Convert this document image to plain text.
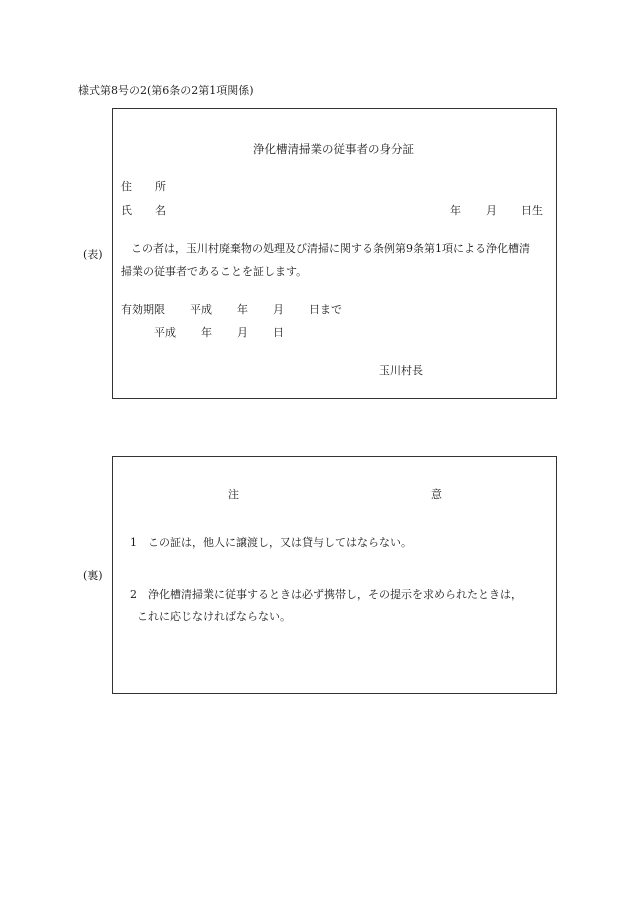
様式第8号の2(第6条の2第1項関係)
(表)
浄化槽清掃業の従事者の身分証
住 所
氏 名	年 月 日生
この者は，玉川村廃棄物の処理及び清掃に関する条例第9条第1項による浄化槽清
掃業の従事者であることを証します。
有効期限 平成 年 月 日まで
平成 年 月 日
玉川村長
(裏)
注	意
1 この証は，他人に譲渡し，又は貸与してはならない。
2 浄化槽清掃業に従事するときは必ず携帯し，その提示を求められたときは，
これに応じなければならない。
